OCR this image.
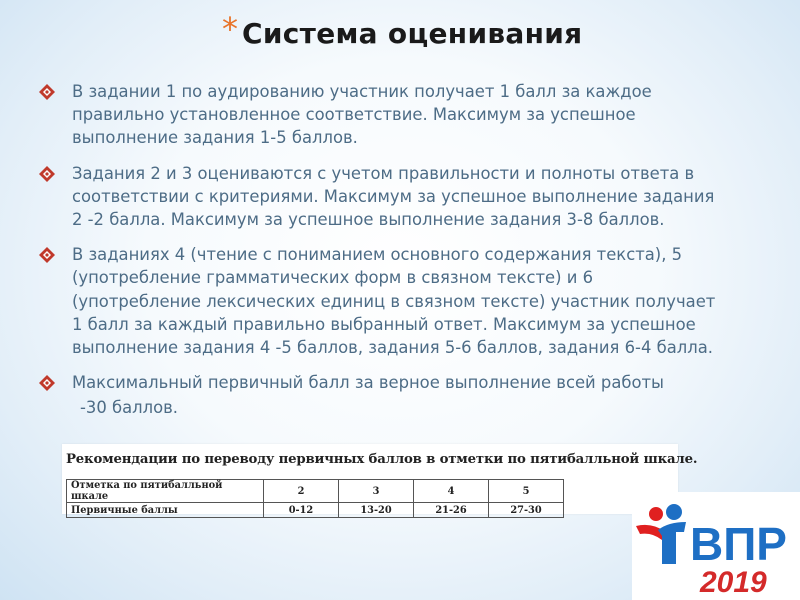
* Система оценивания

В задании 1 по аудированию участник получает 1 балл за каждое правильно установленное соответствие. Максимум за успешное выполнение задания 1-5 баллов.

Задания 2 и 3 оцениваются с учетом правильности и полноты ответа в соответствии с критериями. Максимум за успешное выполнение задания 2 -2 балла. Максимум за успешное выполнение задания 3-8 баллов.

В заданиях 4 (чтение с пониманием основного содержания текста), 5 (употребление грамматических форм в связном тексте) и 6 (употребление лексических единиц в связном тексте) участник получает 1 балл за каждый правильно выбранный ответ. Максимум за успешное выполнение задания 4 -5 баллов, задания 5-6 баллов, задания 6-4 балла.

Максимальный первичный балл за верное выполнение всей работы

-30 баллов.

Рекомендации по переводу первичных баллов в отметки по пятибалльной шкале.
Отметка по пятибалльной шкале	2	3	4	5
Первичные баллы	0-12	13-20	21-26	27-30
ВПР
2019
